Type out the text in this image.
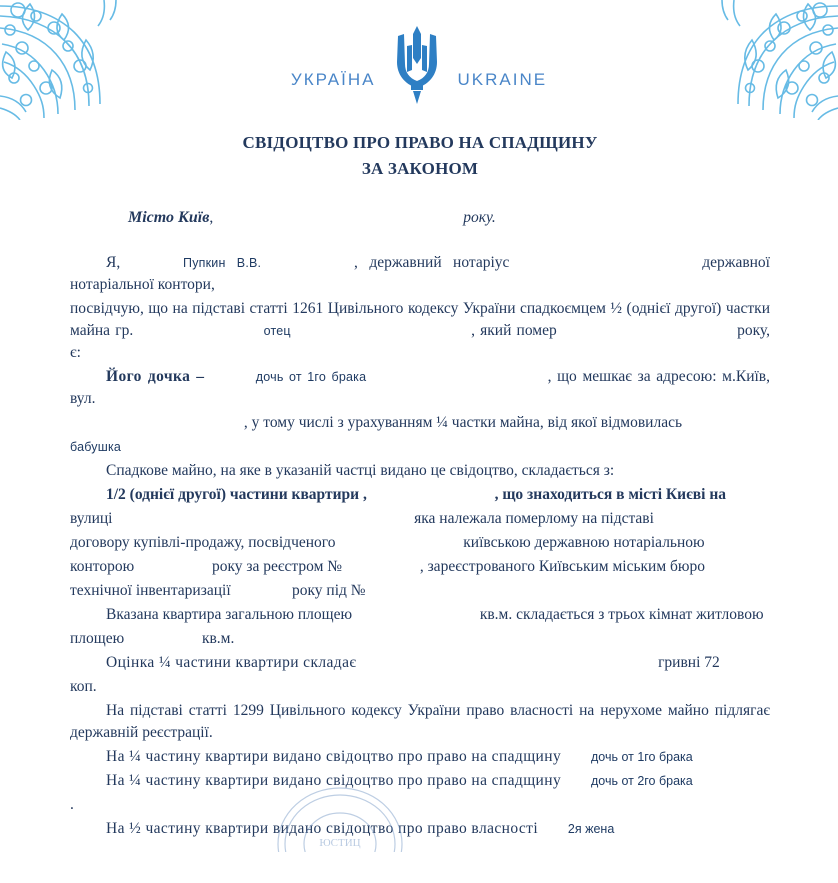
УКРАЇНА	UKRAINE
СВІДОЦТВО ПРО ПРАВО НА СПАДЩИНУ
ЗА ЗАКОНОМ
Місто Київ ,	року.

Я,	Пупкин В.В.	, державний нотаріус	державної нотаріальної контори,

посвідчую, що на підставі статті 1261 Цивільного кодексу України спадкоємцем ½ (однієї другої) частки майна гр.	отец	, який помер	року, є:

Його дочка –	дочь от 1го брака	, що мешкає за адресою: м.Київ, вул.

, у тому числі з урахуванням ¼ частки майна, від якої відмовилась

бабушка

Спадкове майно, на яке в указаній частці видано це свідоцтво, складається з:

1/2 (однієї другої) частини квартири ,	, що знаходиться в місті Києві на

вулиці	яка належала померлому на підставі

договору купівлі-продажу, посвідченого	київською державною нотаріальною

конторою	року за реєстром №	, зареєстрованого Київським міським бюро

технічної інвентаризації	року під №

Вказана квартира загальною площею	кв.м. складається з трьох кімнат житловою

площею	кв.м.

Оцінка ¼ частини квартири складає	гривні 72

коп.

На підставі статті 1299 Цивільного кодексу України право власності на нерухоме майно підлягає державній реєстрації.

На ¼ частину квартири видано свідоцтво про право на спадщину дочь от 1го брака

На ¼ частину квартири видано свідоцтво про право на спадщину дочь от 2го брака

.

На ½ частину квартири видано свідоцтво про право власності 2я жена

ЮСТИЦ
